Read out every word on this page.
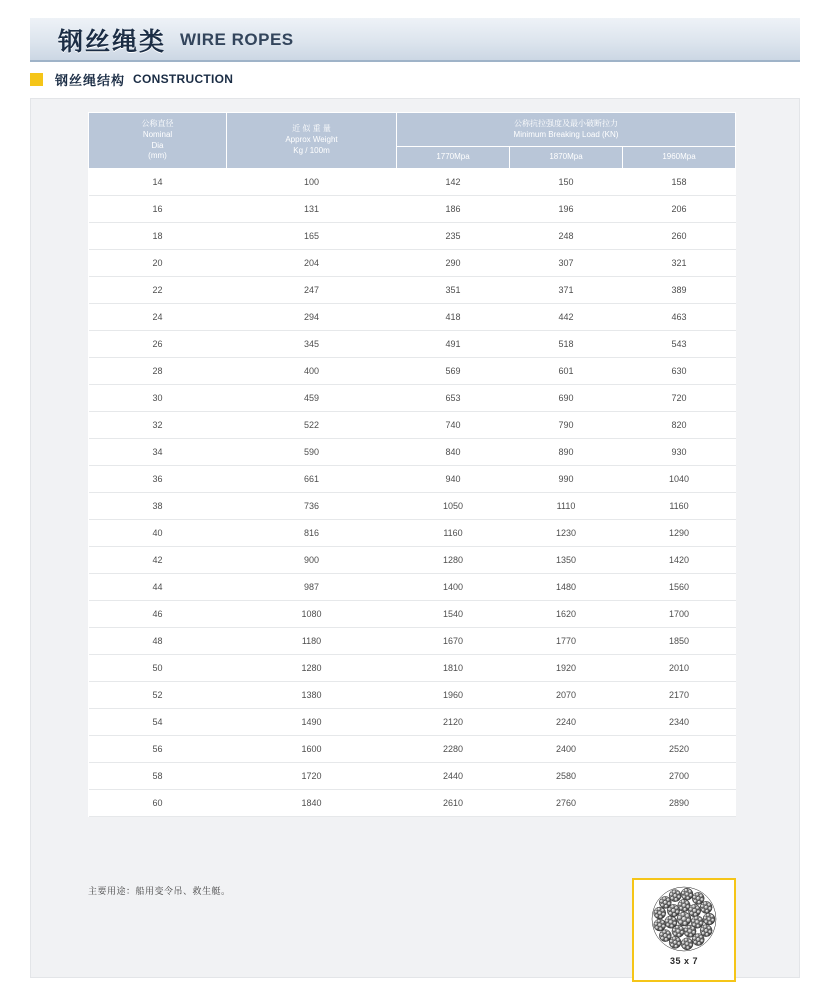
钢丝绳类 WIRE ROPES
钢丝绳结构 CONSTRUCTION
公称直径
Nominal
Dia
(mm)	近 似 重 量
Approx Weight
Kg / 100m	公称抗拉强度及最小破断拉力
Minimum Breaking Load (KN)		

		1770Mpa	1870Mpa	1960Mpa
14	100	142	150	158
16	131	186	196	206
18	165	235	248	260
20	204	290	307	321
22	247	351	371	389
24	294	418	442	463
26	345	491	518	543
28	400	569	601	630
30	459	653	690	720
32	522	740	790	820
34	590	840	890	930
36	661	940	990	1040
38	736	1050	1110	1160
40	816	1160	1230	1290
42	900	1280	1350	1420
44	987	1400	1480	1560
46	1080	1540	1620	1700
48	1180	1670	1770	1850
50	1280	1810	1920	2010
52	1380	1960	2070	2170
54	1490	2120	2240	2340
56	1600	2280	2400	2520
58	1720	2440	2580	2700
60	1840	2610	2760	2890
主要用途：船用变令吊、救生艇。
35 x 7
